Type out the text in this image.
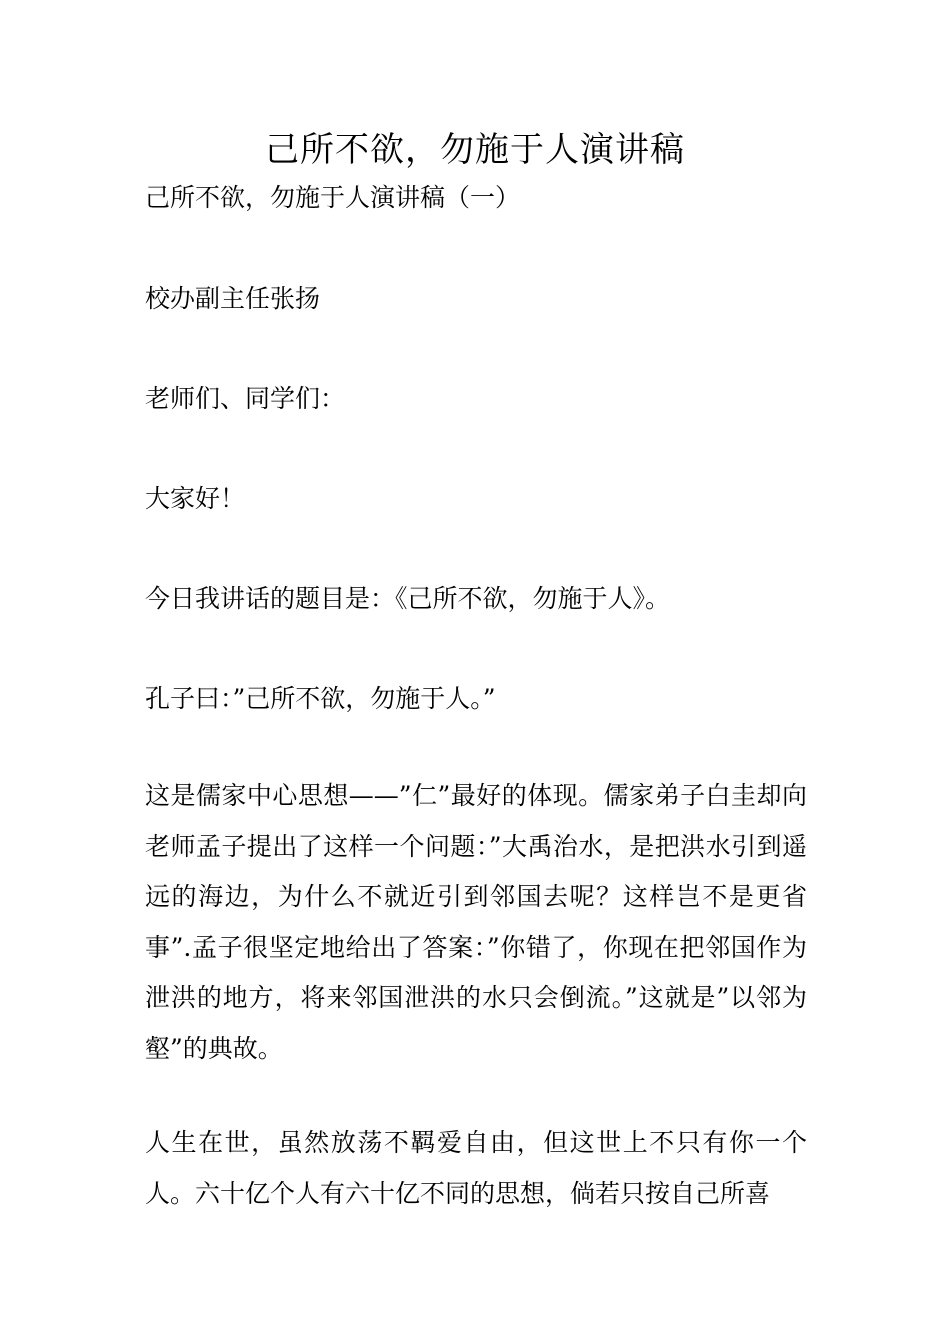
己所不欲，勿施于人演讲稿
己所不欲，勿施于人演讲稿（一）
校办副主任张扬
老师们、同学们：
大家好！
今日我讲话的题目是：《己所不欲，勿施于人》。
孔子曰：”己所不欲，勿施于人。”
这是儒家中心思想——”仁”最好的体现。儒家弟子白圭却向老师孟子提出了这样一个问题：”大禹治水，是把洪水引到遥远的海边，为什么不就近引到邻国去呢？这样岂不是更省事”.孟子很坚定地给出了答案：”你错了，你现在把邻国作为泄洪的地方，将来邻国泄洪的水只会倒流。”这就是”以邻为壑”的典故。
人生在世，虽然放荡不羁爱自由，但这世上不只有你一个人。六十亿个人有六十亿不同的思想，倘若只按自己所喜
